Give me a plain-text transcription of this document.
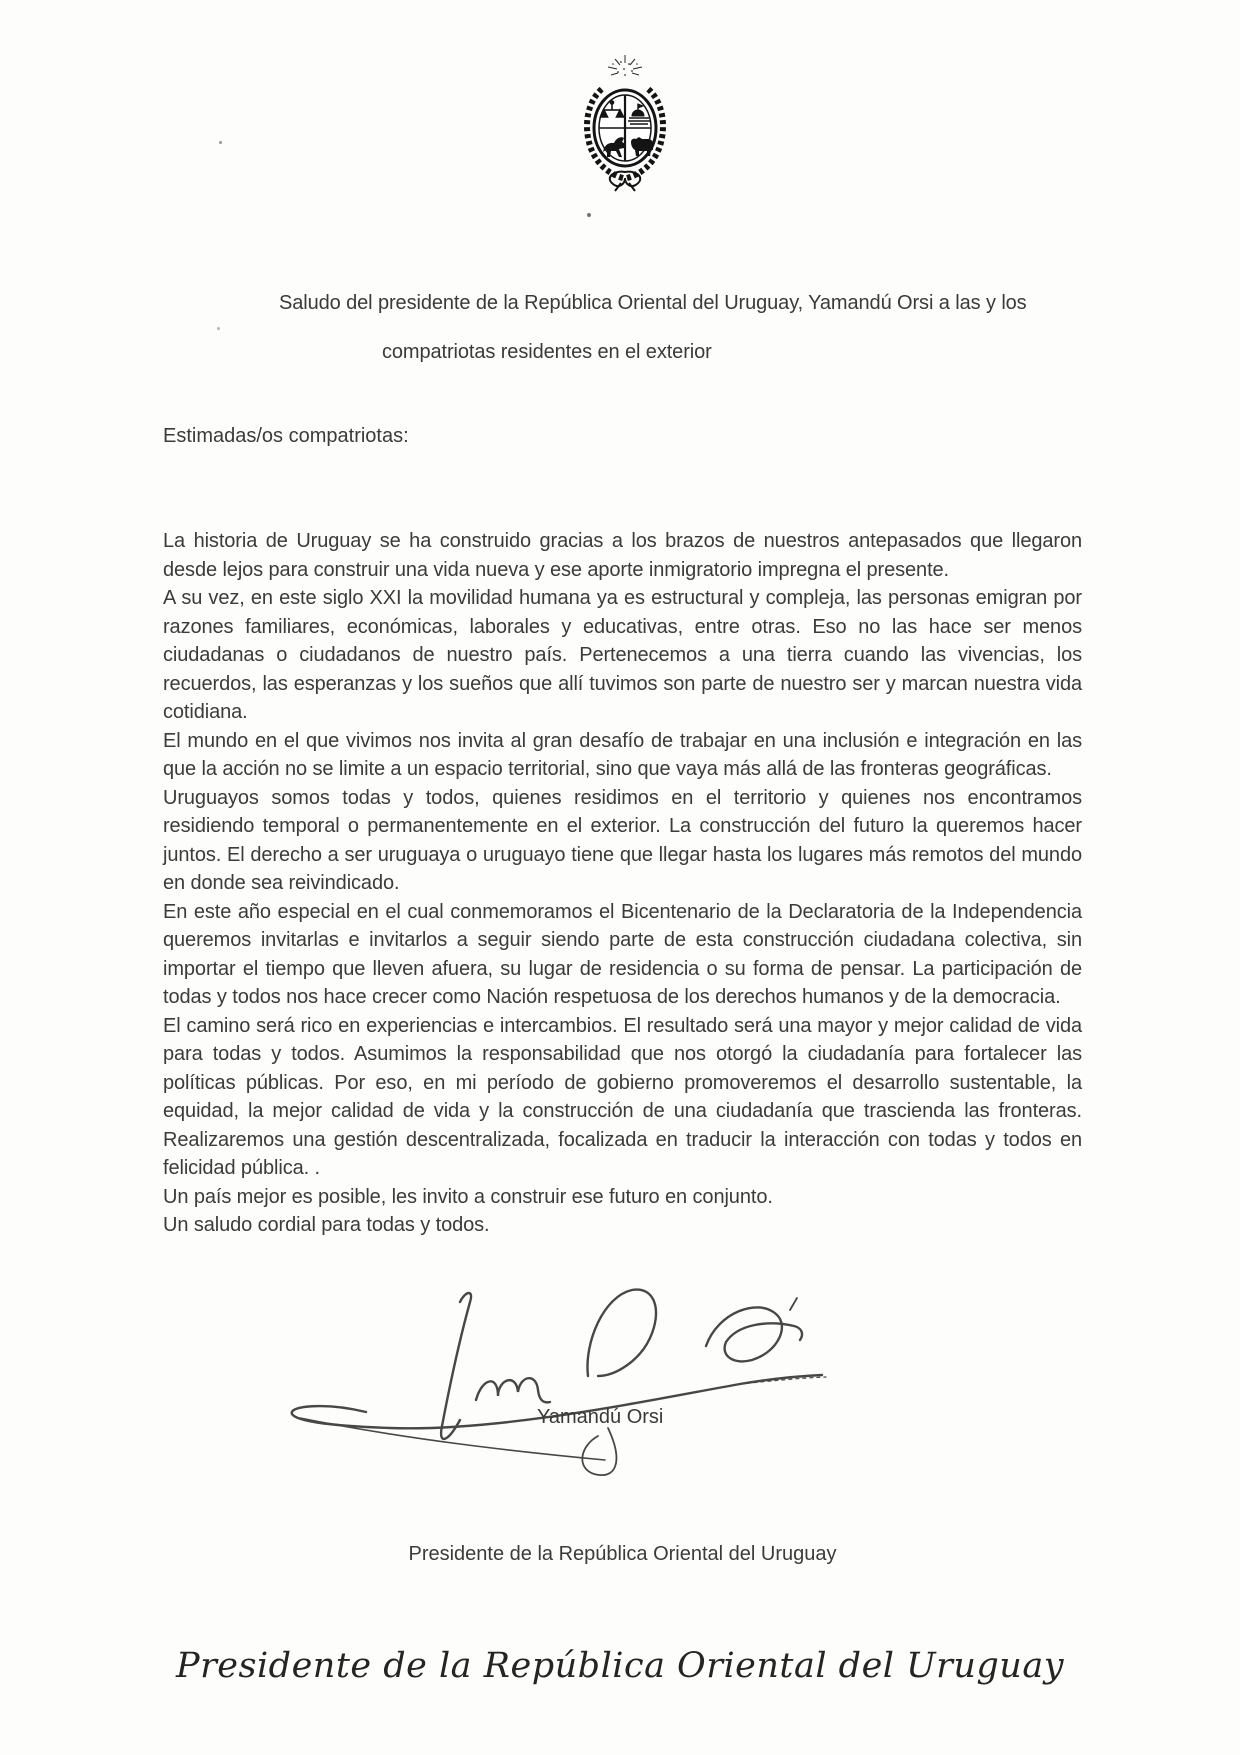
Saludo del presidente de la República Oriental del Uruguay, Yamandú Orsi a las y los
compatriotas residentes en el exterior
Estimadas/os compatriotas:

La historia de Uruguay se ha construido gracias a los brazos de nuestros antepasados que llegaron desde lejos para construir una vida nueva y ese aporte inmigratorio impregna el presente.

A su vez, en este siglo XXI la movilidad humana ya es estructural y compleja, las personas emigran por razones familiares, económicas, laborales y educativas, entre otras. Eso no las hace ser menos ciudadanas o ciudadanos de nuestro país. Pertenecemos a una tierra cuando las vivencias, los recuerdos, las esperanzas y los sueños que allí tuvimos son parte de nuestro ser y marcan nuestra vida cotidiana.

El mundo en el que vivimos nos invita al gran desafío de trabajar en una inclusión e integración en las que la acción no se limite a un espacio territorial, sino que vaya más allá de las fronteras geográficas.

Uruguayos somos todas y todos, quienes residimos en el territorio y quienes nos encontramos residiendo temporal o permanentemente en el exterior. La construcción del futuro la queremos hacer juntos. El derecho a ser uruguaya o uruguayo tiene que llegar hasta los lugares más remotos del mundo en donde sea reivindicado.

En este año especial en el cual conmemoramos el Bicentenario de la Declaratoria de la Independencia queremos invitarlas e invitarlos a seguir siendo parte de esta construcción ciudadana colectiva, sin importar el tiempo que lleven afuera, su lugar de residencia o su forma de pensar. La participación de todas y todos nos hace crecer como Nación respetuosa de los derechos humanos y de la democracia.

El camino será rico en experiencias e intercambios. El resultado será una mayor y mejor calidad de vida para todas y todos. Asumimos la responsabilidad que nos otorgó la ciudadanía para fortalecer las políticas públicas. Por eso, en mi período de gobierno promoveremos el desarrollo sustentable, la equidad, la mejor calidad de vida y la construcción de una ciudadanía que trascienda las fronteras. Realizaremos una gestión descentralizada, focalizada en traducir la interacción con todas y todos en felicidad pública. .

Un país mejor es posible, les invito a construir ese futuro en conjunto.

Un saludo cordial para todas y todos.

Yamandú Orsi
Presidente de la República Oriental del Uruguay
Presidente de la República Oriental del Uruguay
